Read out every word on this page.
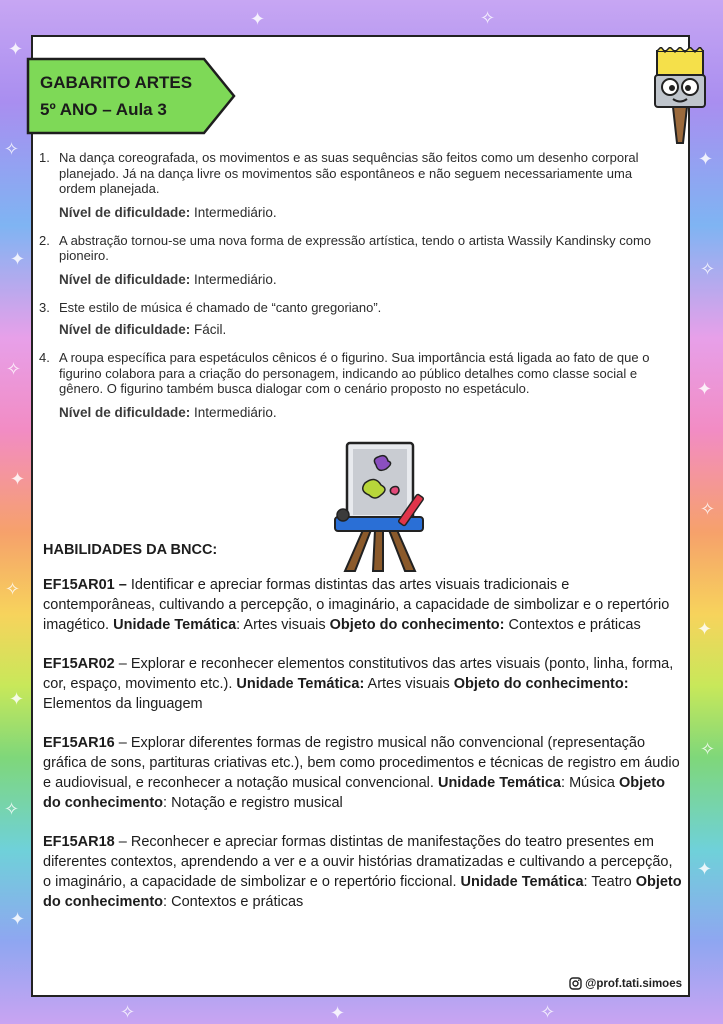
✦
✧
✦
✧
✦
✧
✦
✧
✦
✦
✧
✦
✧
✦
✧
✦
✧	✦	✧
✦	✧
GABARITO ARTES
5º ANO – Aula 3
1. Na dança coreografada, os movimentos e as suas sequências são feitos como um desenho corporal planejado. Já na dança livre os movimentos são espontâneos e não seguem necessariamente uma ordem planejada.
Nível de dificuldade: Intermediário.
2. A abstração tornou-se uma nova forma de expressão artística, tendo o artista Wassily Kandinsky como pioneiro.
Nível de dificuldade: Intermediário.
3. Este estilo de música é chamado de “canto gregoriano”.
Nível de dificuldade: Fácil.
4. A roupa específica para espetáculos cênicos é o figurino. Sua importância está ligada ao fato de que o figurino colabora para a criação do personagem, indicando ao público detalhes como classe social e gênero. O figurino também busca dialogar com o cenário proposto no espetáculo.
Nível de dificuldade: Intermediário.
HABILIDADES DA BNCC:
EF15AR01 – Identificar e apreciar formas distintas das artes visuais tradicionais e contemporâneas, cultivando a percepção, o imaginário, a capacidade de simbolizar e o repertório imagético. Unidade Temática: Artes visuais Objeto do conhecimento: Contextos e práticas
EF15AR02 – Explorar e reconhecer elementos constitutivos das artes visuais (ponto, linha, forma, cor, espaço, movimento etc.). Unidade Temática: Artes visuais Objeto do conhecimento: Elementos da linguagem
EF15AR16 – Explorar diferentes formas de registro musical não convencional (representação gráfica de sons, partituras criativas etc.), bem como procedimentos e técnicas de registro em áudio e audiovisual, e reconhecer a notação musical convencional. Unidade Temática: Música Objeto do conhecimento: Notação e registro musical
EF15AR18 – Reconhecer e apreciar formas distintas de manifestações do teatro presentes em diferentes contextos, aprendendo a ver e a ouvir histórias dramatizadas e cultivando a percepção, o imaginário, a capacidade de simbolizar e o repertório ficcional. Unidade Temática: Teatro Objeto do conhecimento: Contextos e práticas
@prof.tati.simoes
